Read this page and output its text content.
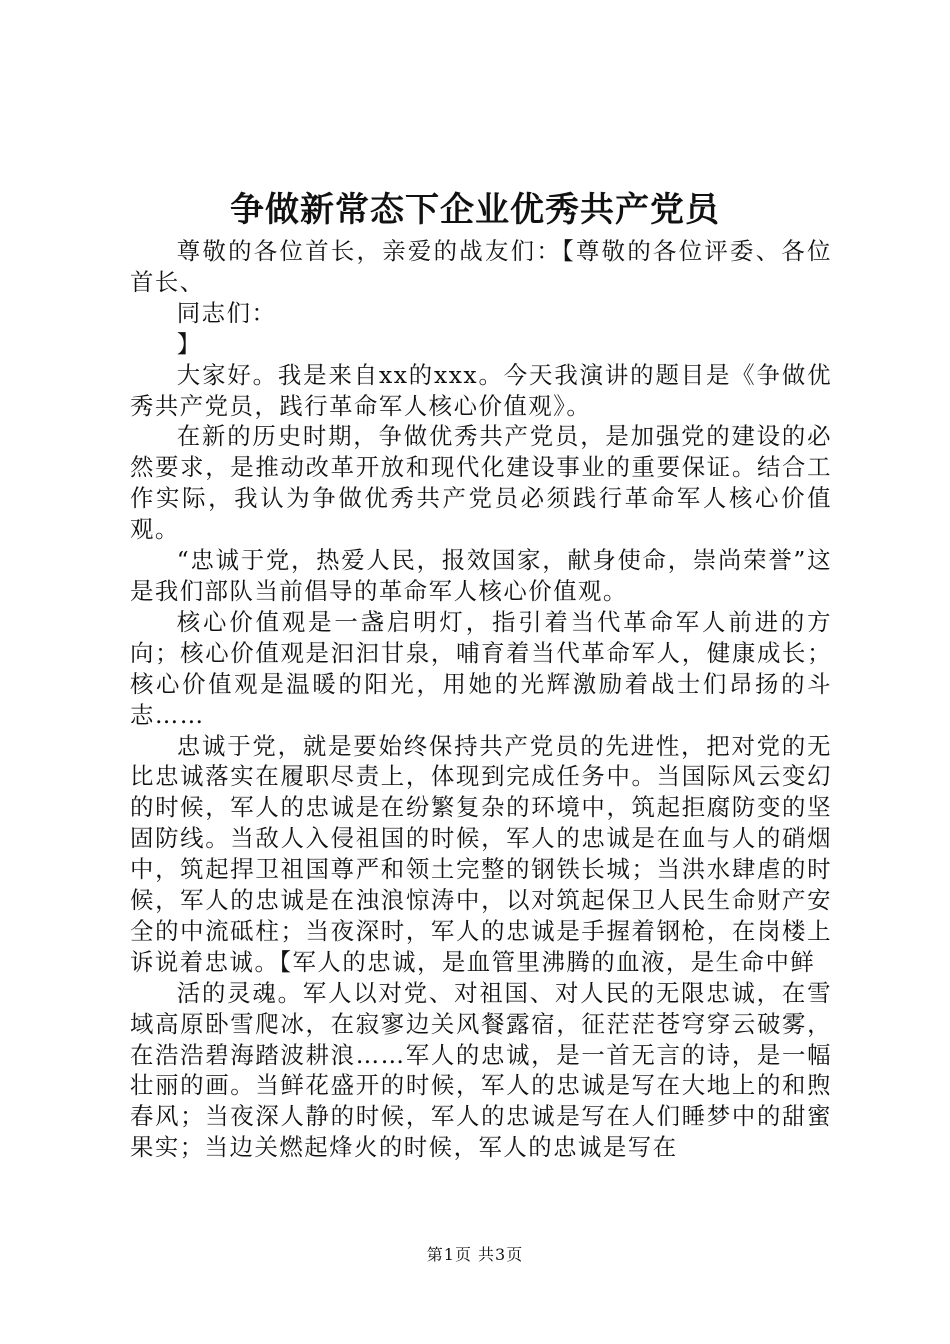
争做新常态下企业优秀共产党员

尊敬的各位首长，亲爱的战友们：【尊敬的各位评委、各位首长、

同志们：

】

大家好。我是来自xx的xxx。今天我演讲的题目是《争做优秀共产党员，践行革命军人核心价值观》。

在新的历史时期，争做优秀共产党员，是加强党的建设的必然要求，是推动改革开放和现代化建设事业的重要保证。结合工作实际，我认为争做优秀共产党员必须践行革命军人核心价值观。

“忠诚于党，热爱人民，报效国家，献身使命，崇尚荣誉”这是我们部队当前倡导的革命军人核心价值观。

核心价值观是一盏启明灯，指引着当代革命军人前进的方向；核心价值观是汩汩甘泉，哺育着当代革命军人，健康成长；核心价值观是温暖的阳光，用她的光辉激励着战士们昂扬的斗志……

忠诚于党，就是要始终保持共产党员的先进性，把对党的无比忠诚落实在履职尽责上，体现到完成任务中。当国际风云变幻的时候，军人的忠诚是在纷繁复杂的环境中，筑起拒腐防变的坚固防线。当敌人入侵祖国的时候，军人的忠诚是在血与人的硝烟中，筑起捍卫祖国尊严和领土完整的钢铁长城；当洪水肆虐的时候，军人的忠诚是在浊浪惊涛中，以对筑起保卫人民生命财产安全的中流砥柱；当夜深时，军人的忠诚是手握着钢枪，在岗楼上诉说着忠诚。【军人的忠诚，是血管里沸腾的血液，是生命中鲜

活的灵魂。军人以对党、对祖国、对人民的无限忠诚，在雪域高原卧雪爬冰，在寂寥边关风餐露宿，征茫茫苍穹穿云破雾，在浩浩碧海踏波耕浪……军人的忠诚，是一首无言的诗，是一幅壮丽的画。当鲜花盛开的时候，军人的忠诚是写在大地上的和煦春风；当夜深人静的时候，军人的忠诚是写在人们睡梦中的甜蜜果实；当边关燃起烽火的时候，军人的忠诚是写在

第1页 共3页
